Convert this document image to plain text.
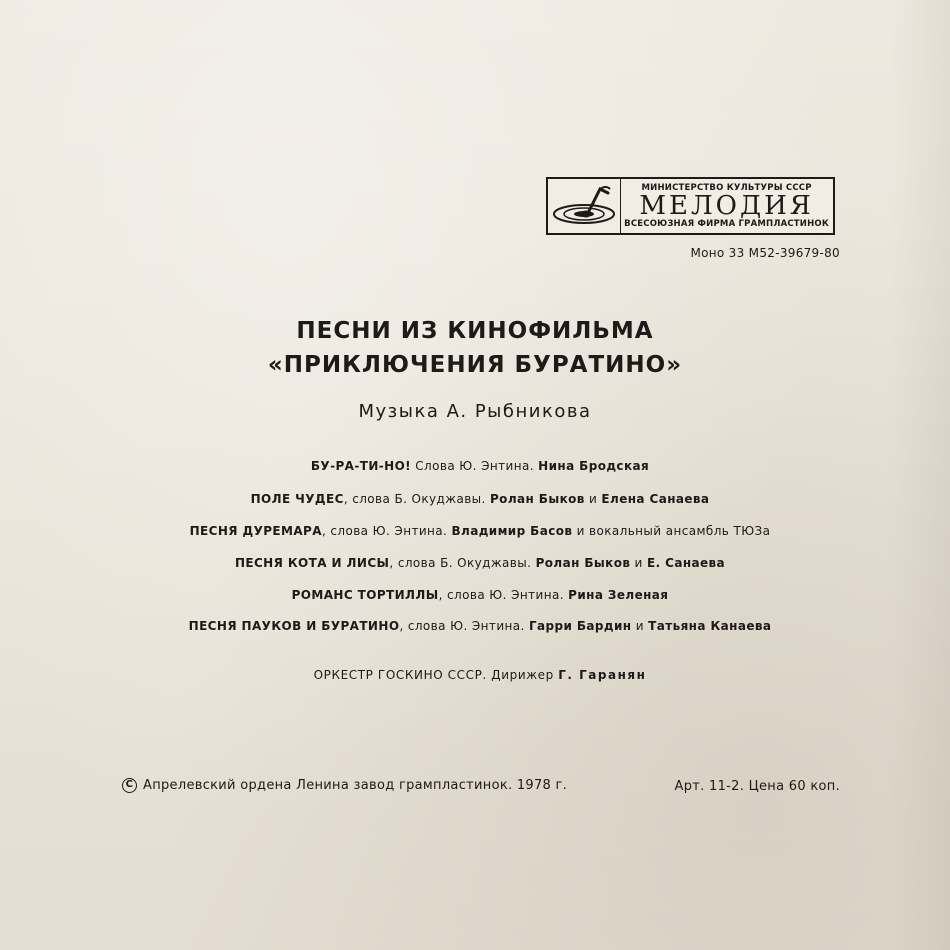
МИНИСТЕРСТВО КУЛЬТУРЫ СССР
МЕЛОДИЯ
ВСЕСОЮЗНАЯ ФИРМА ГРАМПЛАСТИНОК
Моно 33 М52-39679-80
ПЕСНИ ИЗ КИНОФИЛЬМА
«ПРИКЛЮЧЕНИЯ БУРАТИНО»
Музыка А. Рыбникова
БУ-РА-ТИ-НО! Слова Ю. Энтина. Нина Бродская
ПОЛЕ ЧУДЕС, слова Б. Окуджавы. Ролан Быков и Елена Санаева
ПЕСНЯ ДУРЕМАРА, слова Ю. Энтина. Владимир Басов и вокальный ансамбль ТЮЗа
ПЕСНЯ КОТА И ЛИСЫ, слова Б. Окуджавы. Ролан Быков и Е. Санаева
РОМАНС ТОРТИЛЛЫ, слова Ю. Энтина. Рина Зеленая
ПЕСНЯ ПАУКОВ И БУРАТИНО, слова Ю. Энтина. Гарри Бардин и Татьяна Канаева
ОРКЕСТР ГОСКИНО СССР. Дирижер Г. Гаранян
C Апрелевский ордена Ленина завод грампластинок. 1978 г.	Арт. 11-2. Цена 60 коп.
